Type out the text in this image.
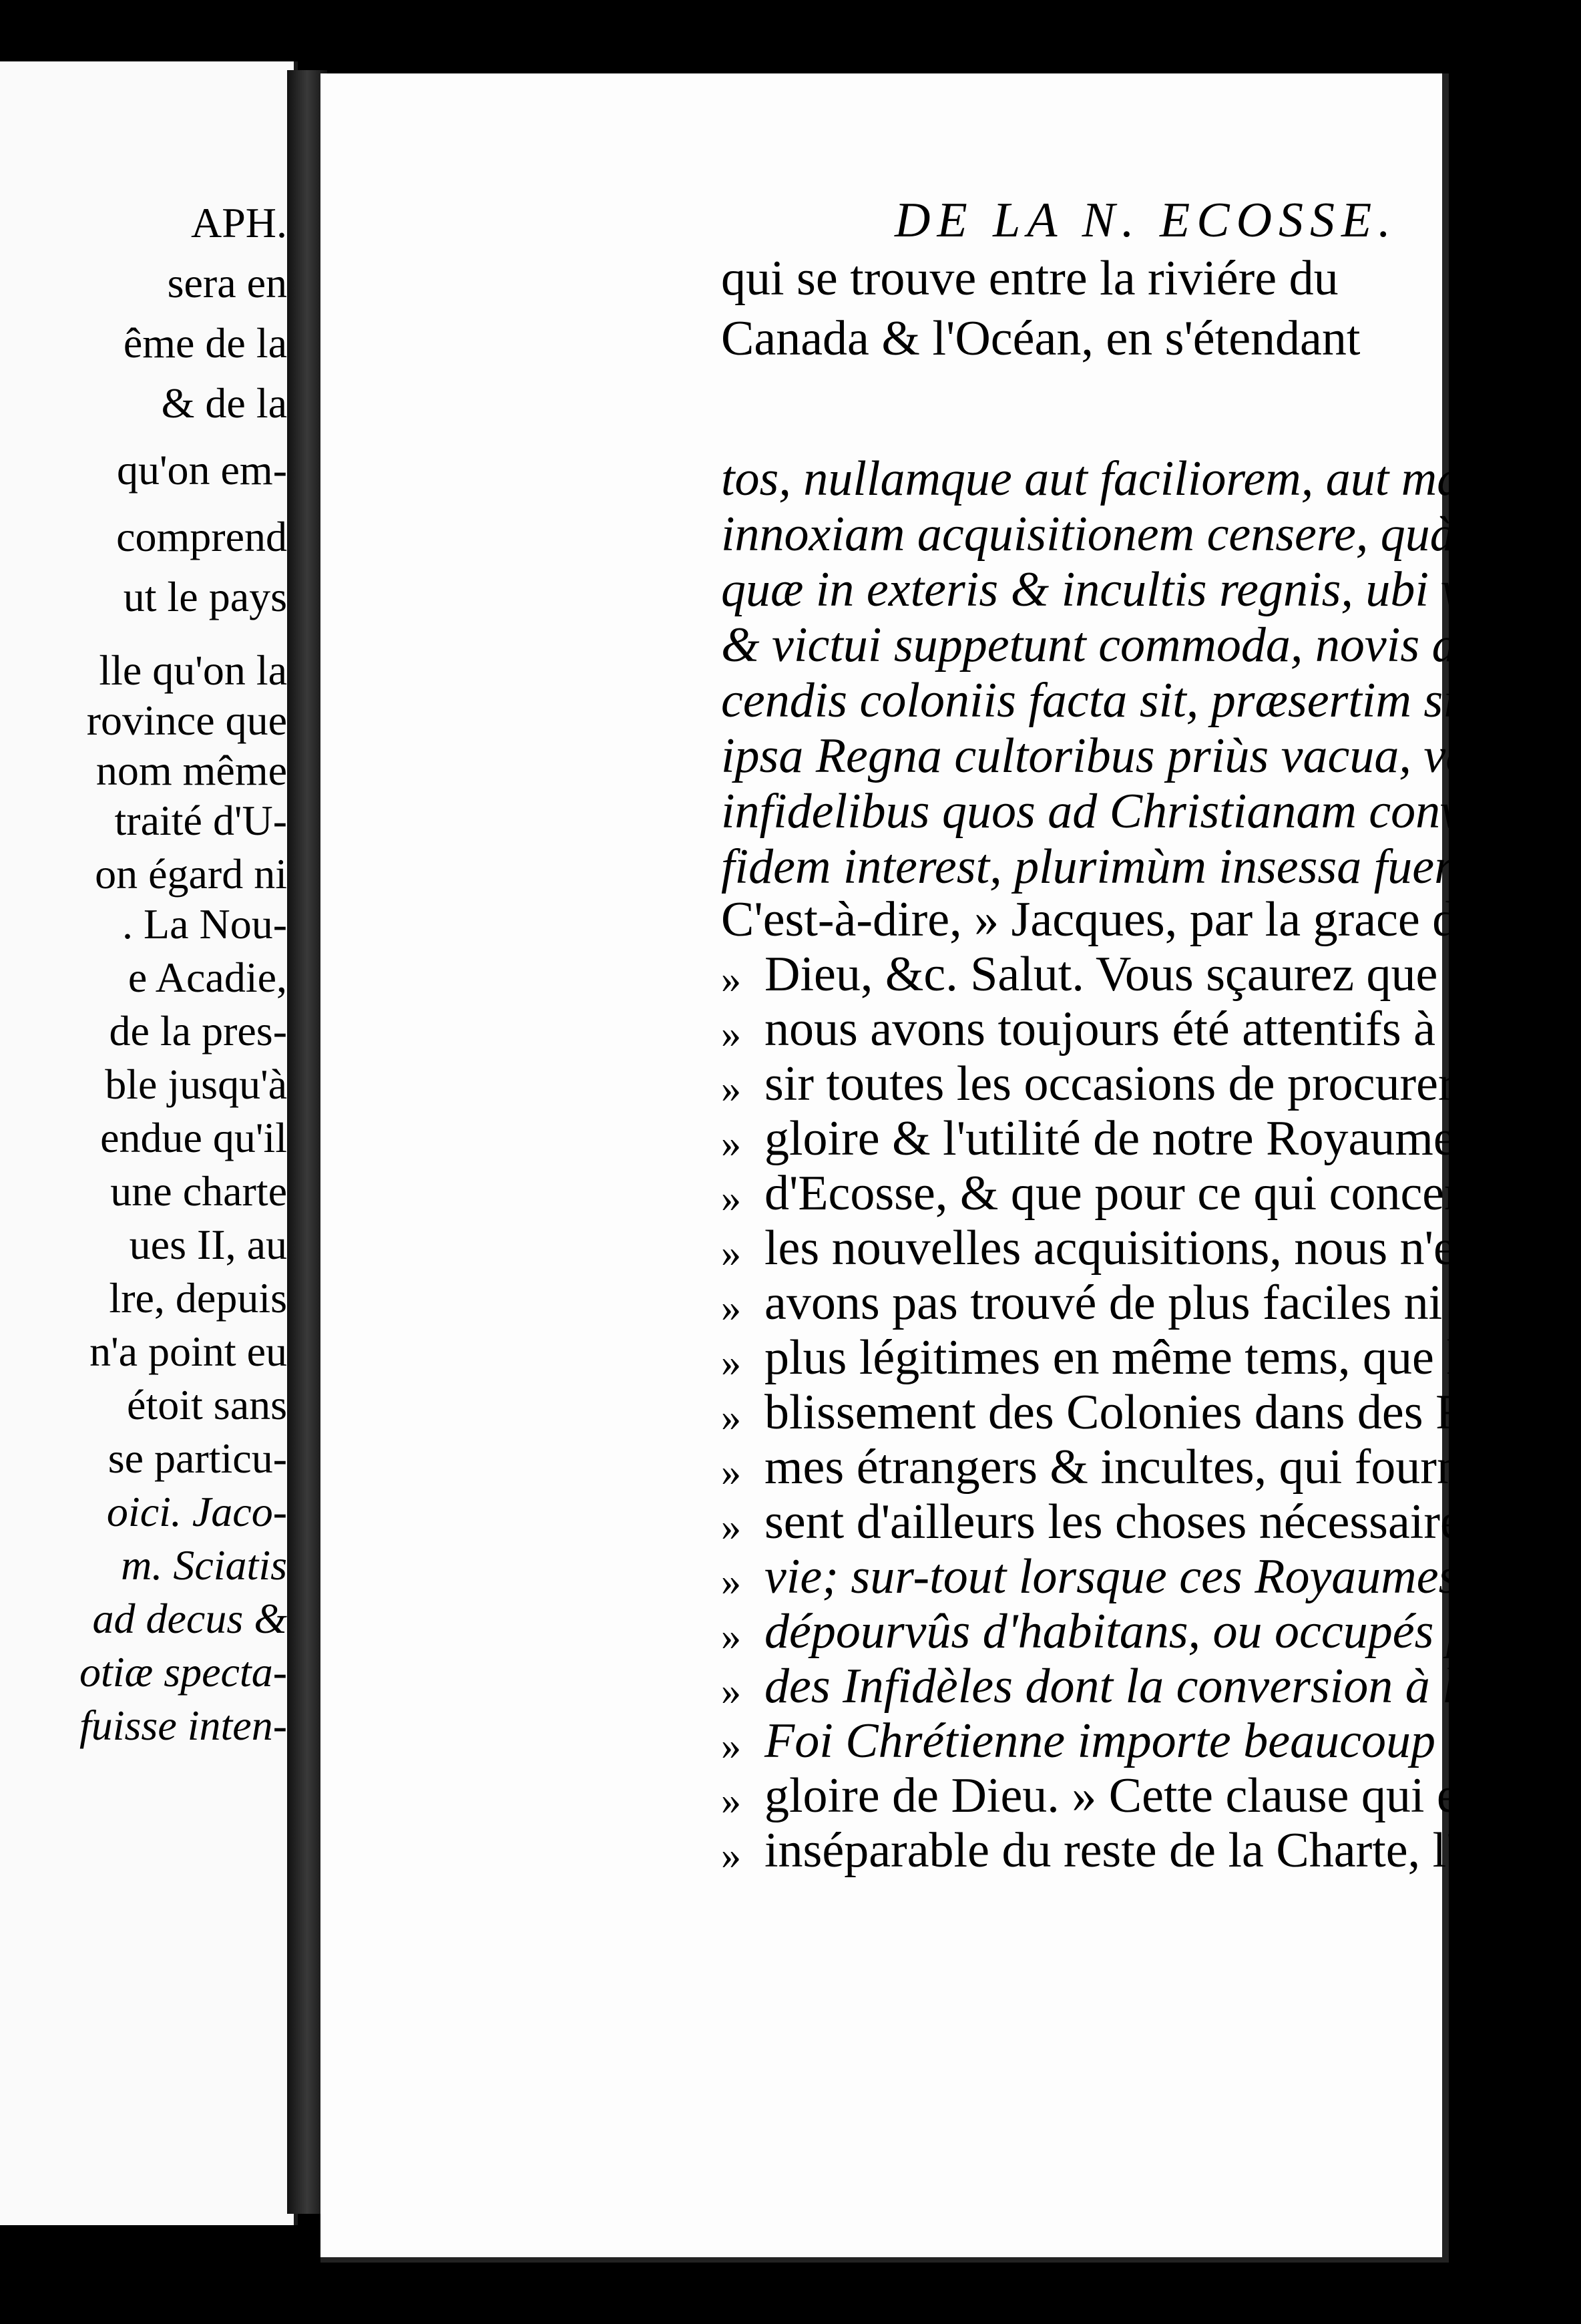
APH.
sera en
ême de la
& de la
qu'on em-
comprend
ut le pays
lle qu'on la
rovince que
nom même
traité d'U-
on égard ni
. La Nou-
e Acadie,
de la pres-
ble jusqu'à
endue qu'il
une charte
ues II, au
lre, depuis
n'a point eu
étoit sans
se particu-
oici. Jaco-
m. Sciatis
ad decus &
otiæ specta-
fuisse inten-
DE LA N. ECOSSE. 7
qui se trouve entre la riviére du
Canada & l'Océan, en s'étendant
tos, nullamque aut faciliorem, aut magis
innoxiam acquisitionem censere, quàm
quæ in exteris & incultis regnis, ubi vitæ
& victui suppetunt commoda, novis dedu-
cendis coloniis facta sit, præsertim si vel
ipsa Regna cultoribus priùs vacua, vel ab
infidelibus quos ad Christianam converti
fidem interest, plurimùm insessa fuerint.
C'est-à-dire, » Jacques, par la grace de
» Dieu, &c. Salut. Vous sçaurez que
» nous avons toujours été attentifs à sai-
» sir toutes les occasions de procurer la
» gloire & l'utilité de notre Royaume
» d'Ecosse, & que pour ce qui concerne
» les nouvelles acquisitions, nous n'en
» avons pas trouvé de plus faciles ni de
» plus légitimes en même tems, que l'éta-
» blissement des Colonies dans des Royau-
» mes étrangers & incultes, qui fournis-
» sent d'ailleurs les choses nécessaires à la
» vie; sur-tout lorsque ces Royaumes sont
» dépourvûs d'habitans, ou occupés par
» des Infidèles dont la conversion à la
» Foi Chrétienne importe beaucoup à la
» gloire de Dieu. » Cette clause qui est
» inséparable du reste de la Charte, l'a ren-
